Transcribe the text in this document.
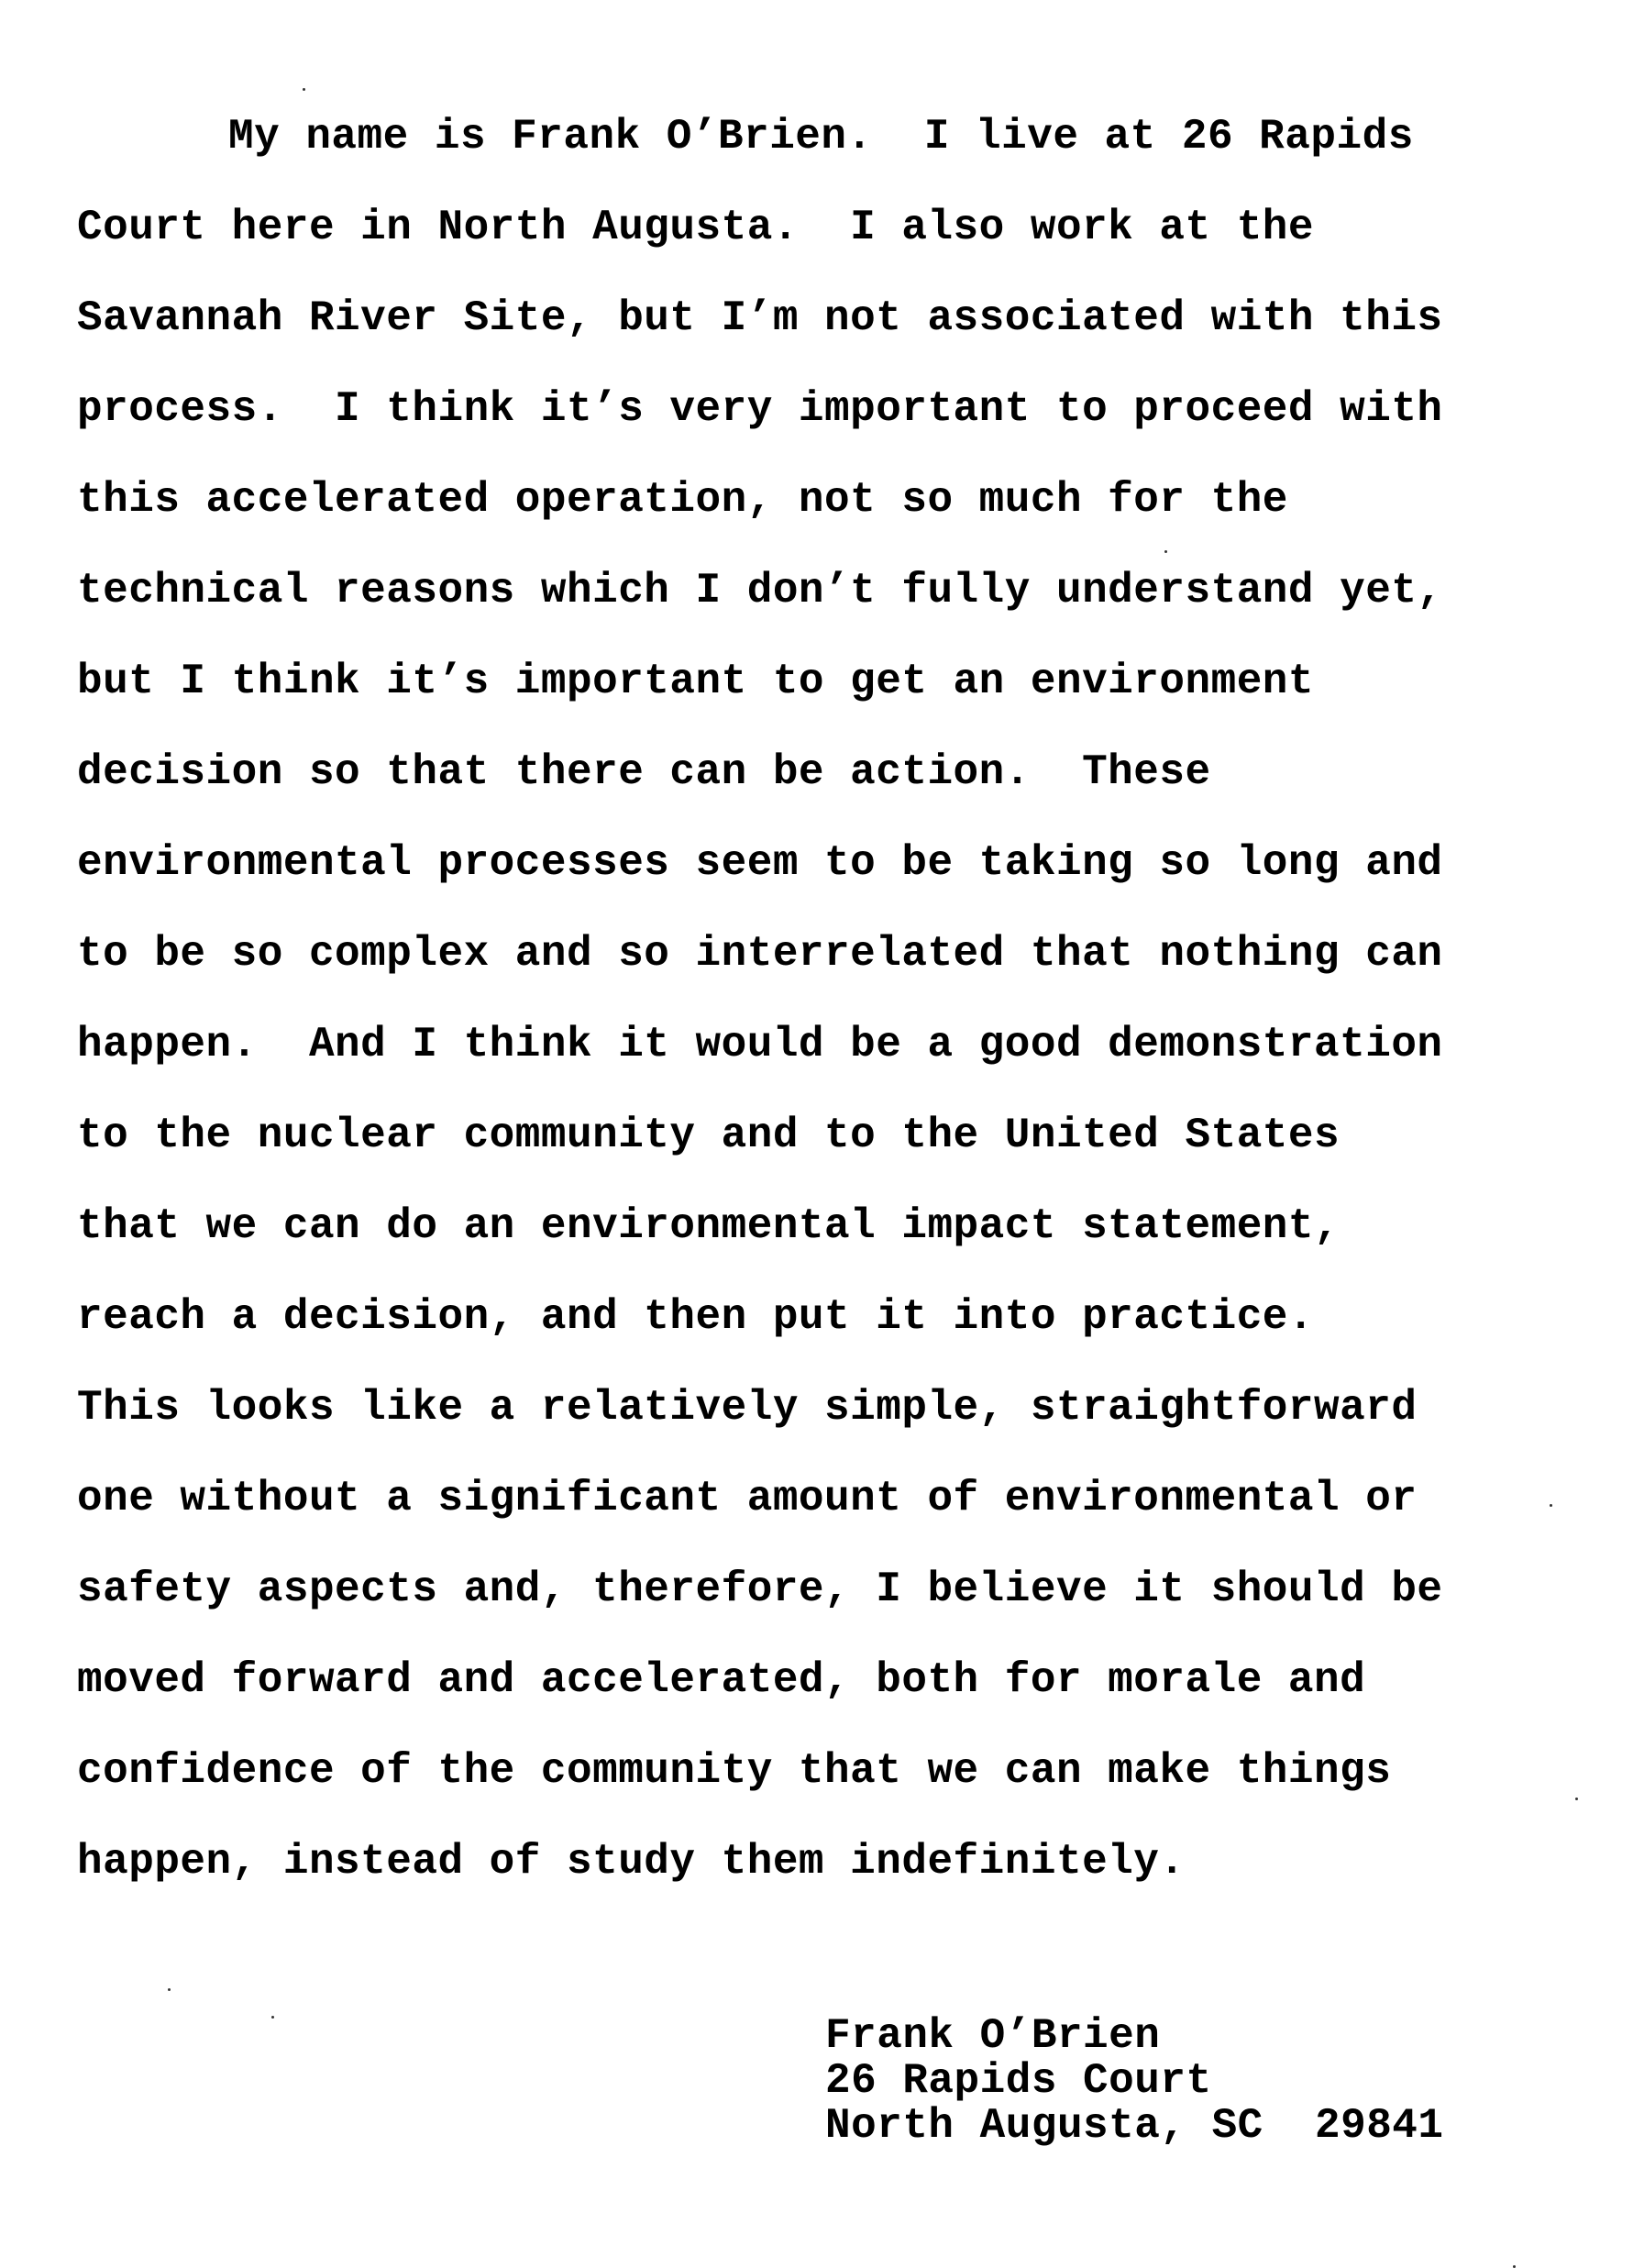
My name is Frank O’Brien.  I live at 26 Rapids
Court here in North Augusta.  I also work at the
Savannah River Site, but I’m not associated with this
process.  I think it’s very important to proceed with
this accelerated operation, not so much for the
technical reasons which I don’t fully understand yet,
but I think it’s important to get an environment
decision so that there can be action.  These
environmental processes seem to be taking so long and
to be so complex and so interrelated that nothing can
happen.  And I think it would be a good demonstration
to the nuclear community and to the United States
that we can do an environmental impact statement,
reach a decision, and then put it into practice.
This looks like a relatively simple, straightforward
one without a significant amount of environmental or
safety aspects and, therefore, I believe it should be
moved forward and accelerated, both for morale and
confidence of the community that we can make things
happen, instead of study them indefinitely.
Frank O’Brien
26 Rapids Court
North Augusta, SC  29841
